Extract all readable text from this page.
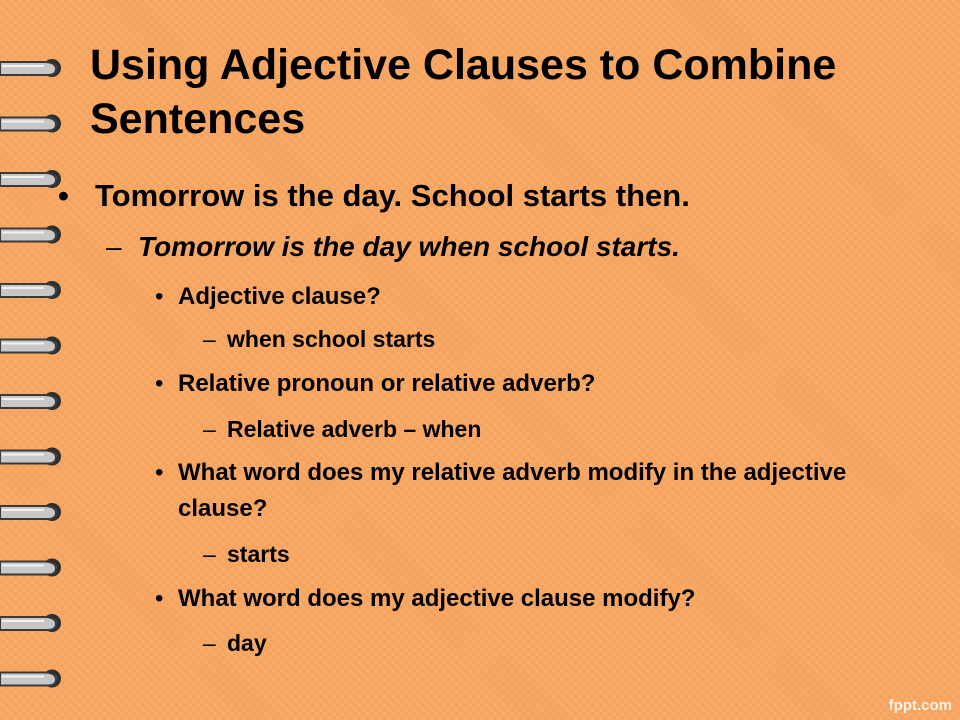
Using Adjective Clauses to Combine Sentences
• Tomorrow is the day. School starts then.
– Tomorrow is the day when school starts.
• Adjective clause?
– when school starts
• Relative pronoun or relative adverb?
– Relative adverb – when
• What word does my relative adverb modify in the adjective clause?
– starts
• What word does my adjective clause modify?
– day
fppt.com
